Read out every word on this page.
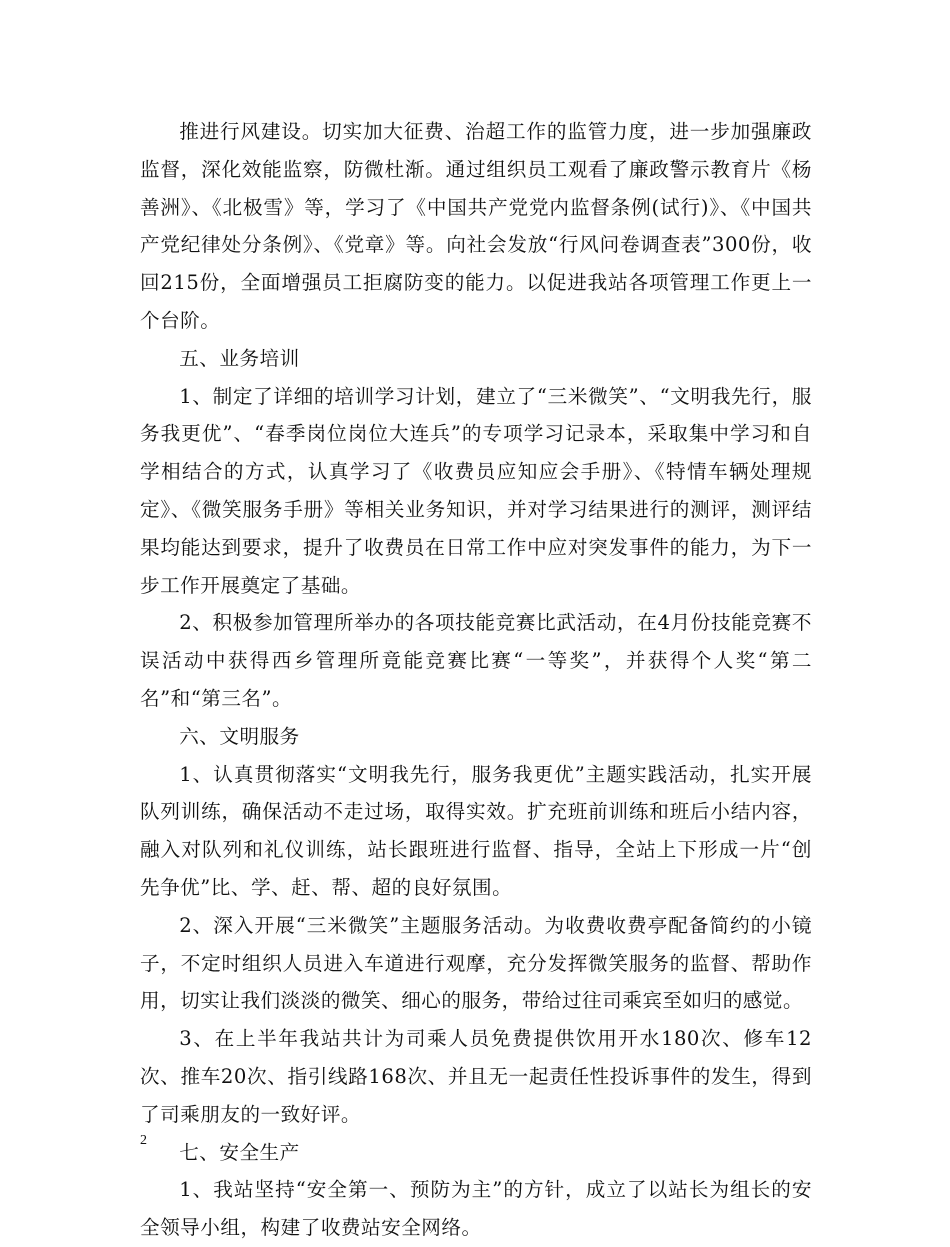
推进行风建设。切实加大征费、治超工作的监管力度，进一步加强廉政监督，深化效能监察，防微杜渐。通过组织员工观看了廉政警示教育片《杨善洲》、《北极雪》等，学习了《中国共产党党内监督条例(试行)》、《中国共产党纪律处分条例》、《党章》等。向社会发放“行风问卷调查表”300份，收回215份，全面增强员工拒腐防变的能力。以促进我站各项管理工作更上一个台阶。

五、业务培训

1、制定了详细的培训学习计划，建立了“三米微笑”、“文明我先行，服务我更优”、“春季岗位岗位大连兵”的专项学习记录本，采取集中学习和自学相结合的方式，认真学习了《收费员应知应会手册》、《特情车辆处理规定》、《微笑服务手册》等相关业务知识，并对学习结果进行的测评，测评结果均能达到要求，提升了收费员在日常工作中应对突发事件的能力，为下一步工作开展奠定了基础。

2、积极参加管理所举办的各项技能竞赛比武活动，在4月份技能竞赛不误活动中获得西乡管理所竟能竞赛比赛“一等奖”，并获得个人奖“第二名”和“第三名”。

六、文明服务

1、认真贯彻落实“文明我先行，服务我更优”主题实践活动，扎实开展队列训练，确保活动不走过场，取得实效。扩充班前训练和班后小结内容，融入对队列和礼仪训练，站长跟班进行监督、指导，全站上下形成一片“创先争优”比、学、赶、帮、超的良好氛围。

2、深入开展“三米微笑”主题服务活动。为收费收费亭配备简约的小镜子，不定时组织人员进入车道进行观摩，充分发挥微笑服务的监督、帮助作用，切实让我们淡淡的微笑、细心的服务，带给过往司乘宾至如归的感觉。

3、在上半年我站共计为司乘人员免费提供饮用开水180次、修车12次、推车20次、指引线路168次、并且无一起责任性投诉事件的发生，得到了司乘朋友的一致好评。

七、安全生产

1、我站坚持“安全第一、预防为主”的方针，成立了以站长为组长的安全领导小组，构建了收费站安全网络。

2
